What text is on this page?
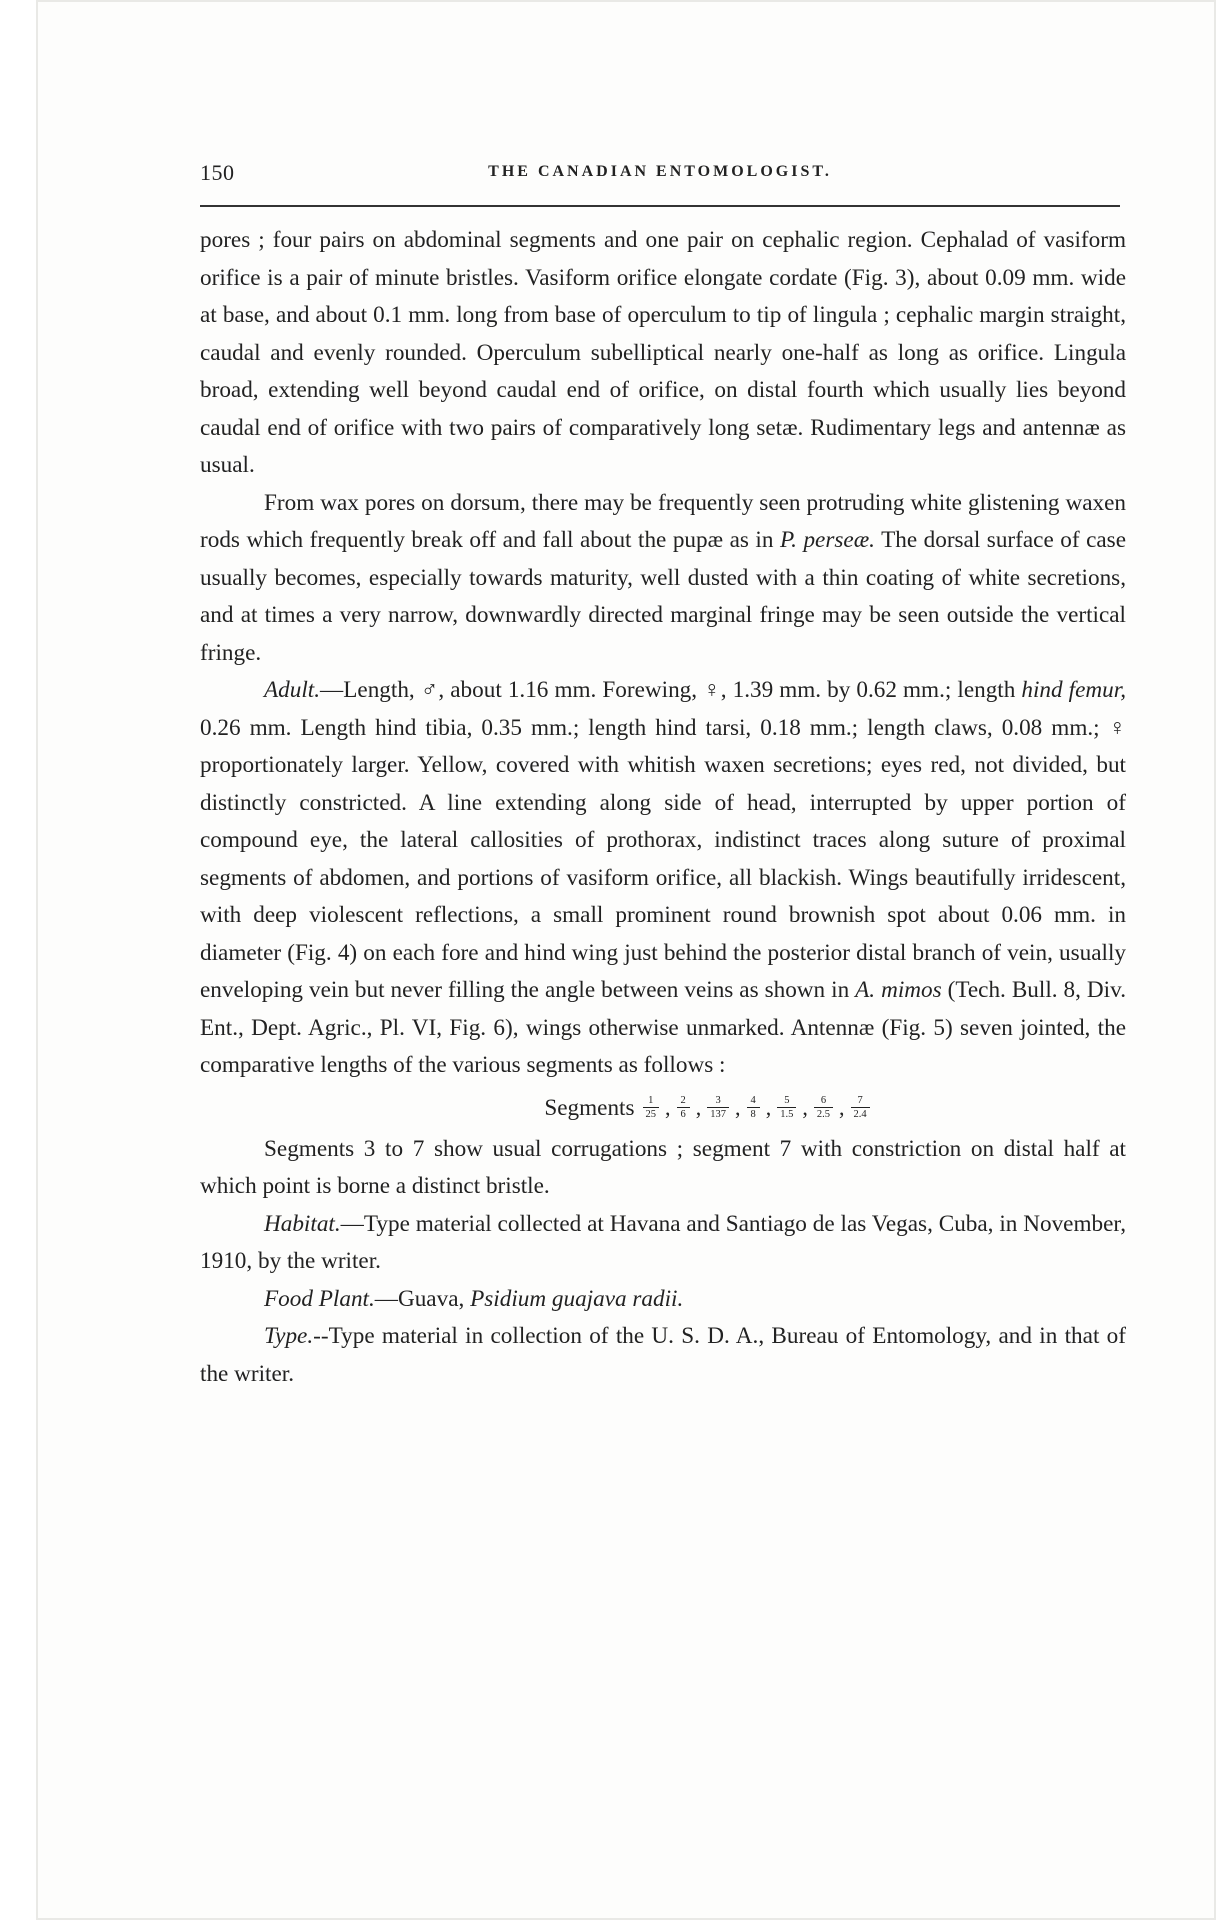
150	THE CANADIAN ENTOMOLOGIST.

pores ; four pairs on abdominal segments and one pair on cephalic region. Cephalad of vasiform orifice is a pair of minute bristles. Vasiform orifice elongate cordate (Fig. 3), about 0.09 mm. wide at base, and about 0.1 mm. long from base of operculum to tip of lingula ; cephalic margin straight, caudal and evenly rounded. Operculum subelliptical nearly one-half as long as orifice. Lingula broad, extending well beyond caudal end of orifice, on distal fourth which usually lies beyond caudal end of orifice with two pairs of comparatively long setæ. Rudimentary legs and antennæ as usual.

From wax pores on dorsum, there may be frequently seen protruding white glistening waxen rods which frequently break off and fall about the pupæ as in P. perseæ. The dorsal surface of case usually becomes, especially towards maturity, well dusted with a thin coating of white secretions, and at times a very narrow, downwardly directed marginal fringe may be seen outside the vertical fringe.

Adult.—Length, ♂, about 1.16 mm. Forewing, ♀, 1.39 mm. by 0.62 mm.; length hind femur, 0.26 mm. Length hind tibia, 0.35 mm.; length hind tarsi, 0.18 mm.; length claws, 0.08 mm.; ♀ proportionately larger. Yellow, covered with whitish waxen secretions; eyes red, not divided, but distinctly constricted. A line extending along side of head, interrupted by upper portion of compound eye, the lateral callosities of prothorax, indistinct traces along suture of proximal segments of abdomen, and portions of vasiform orifice, all blackish. Wings beautifully irridescent, with deep violescent reflections, a small prominent round brownish spot about 0.06 mm. in diameter (Fig. 4) on each fore and hind wing just behind the posterior distal branch of vein, usually enveloping vein but never filling the angle between veins as shown in A. mimos (Tech. Bull. 8, Div. Ent., Dept. Agric., Pl. VI, Fig. 6), wings otherwise unmarked. Antennæ (Fig. 5) seven jointed, the comparative lengths of the various segments as follows :

Segments $\frac{1}{25}$ , $\frac{2}{6}$ , $\frac{3}{137}$ , $\frac{4}{8}$ , $\frac{5}{1.5}$ , $\frac{6}{2.5}$ , $\frac{7}{2.4}$

Segments 3 to 7 show usual corrugations ; segment 7 with constriction on distal half at which point is borne a distinct bristle.

Habitat.—Type material collected at Havana and Santiago de las Vegas, Cuba, in November, 1910, by the writer.

Food Plant.—Guava, Psidium guajava radii.

Type.--Type material in collection of the U. S. D. A., Bureau of Entomology, and in that of the writer.
